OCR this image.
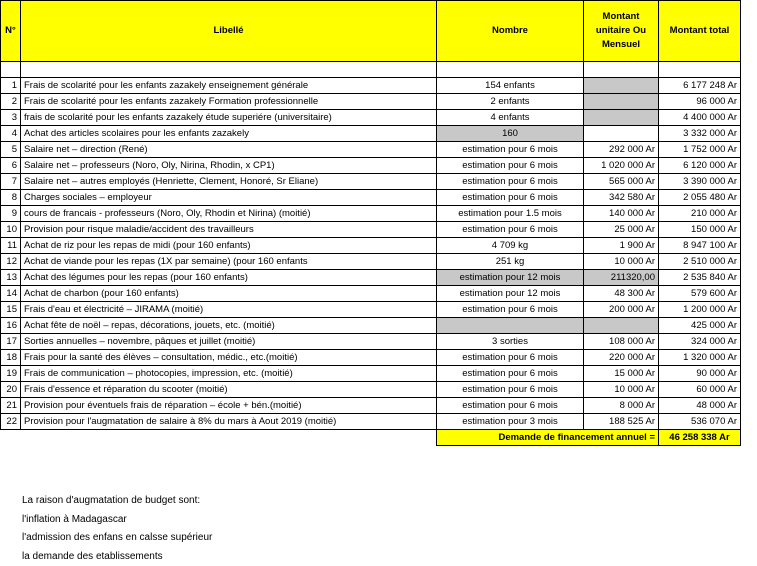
N°	Libellé	Nombre	Montant unitaire Ou Mensuel	Montant total

1	Frais de scolarité pour les enfants zazakely enseignement générale	154 enfants		6 177 248 Ar
2	Frais de scolarité pour les enfants zazakely Formation professionnelle	2 enfants		96 000 Ar
3	frais de scolarité pour les enfants zazakely étude superiére (universitaire)	4 enfants		4 400 000 Ar
4	Achat des articles scolaires pour les enfants zazakely	160		3 332 000 Ar
5	Salaire net – direction (René)	estimation pour 6 mois	292 000 Ar	1 752 000 Ar
6	Salaire net – professeurs (Noro, Oly, Nirina, Rhodin, x CP1)	estimation pour 6 mois	1 020 000 Ar	6 120 000 Ar
7	Salaire net – autres employés (Henriette, Clement, Honoré, Sr Eliane)	estimation pour 6 mois	565 000 Ar	3 390 000 Ar
8	Charges sociales – employeur	estimation pour 6 mois	342 580 Ar	2 055 480 Ar
9	cours de francais - professeurs (Noro, Oly, Rhodin et Nirina) (moitié)	estimation pour 1.5 mois	140 000 Ar	210 000 Ar
10	Provision pour risque maladie/accident des travailleurs	estimation pour 6 mois	25 000 Ar	150 000 Ar
11	Achat de riz pour les repas de midi (pour 160 enfants)	4 709 kg	1 900 Ar	8 947 100 Ar
12	Achat de viande pour les repas (1X par semaine) (pour 160 enfants	251 kg	10 000 Ar	2 510 000 Ar
13	Achat des légumes pour les repas (pour 160 enfants)	estimation pour 12 mois	211320,00	2 535 840 Ar
14	Achat de charbon (pour 160 enfants)	estimation pour 12 mois	48 300 Ar	579 600 Ar
15	Frais d'eau et électricité – JIRAMA (moitié)	estimation pour 6 mois	200 000 Ar	1 200 000 Ar
16	Achat fête de noël – repas, décorations, jouets, etc. (moitié)			425 000 Ar
17	Sorties annuelles – novembre, pâques et juillet (moitié)	3 sorties	108 000 Ar	324 000 Ar
18	Frais pour la santé des élèves – consultation, médic., etc.(moitié)	estimation pour 6 mois	220 000 Ar	1 320 000 Ar
19	Frais de communication – photocopies, impression, etc. (moitié)	estimation pour 6 mois	15 000 Ar	90 000 Ar
20	Frais d'essence et réparation du scooter (moitié)	estimation pour 6 mois	10 000 Ar	60 000 Ar
21	Provision pour éventuels frais de réparation – école + bén.(moitié)	estimation pour 6 mois	8 000 Ar	48 000 Ar
22	Provision pour l'augmatation de salaire à 8% du mars à Aout 2019 (moitié)	estimation pour 3 mois	188 525 Ar	536 070 Ar
		Demande de financement annuel =		46 258 338 Ar
La raison d'augmatation de budget sont:
l'inflation à Madagascar
l'admission des enfans en calsse supérieur
la demande des etablissements
